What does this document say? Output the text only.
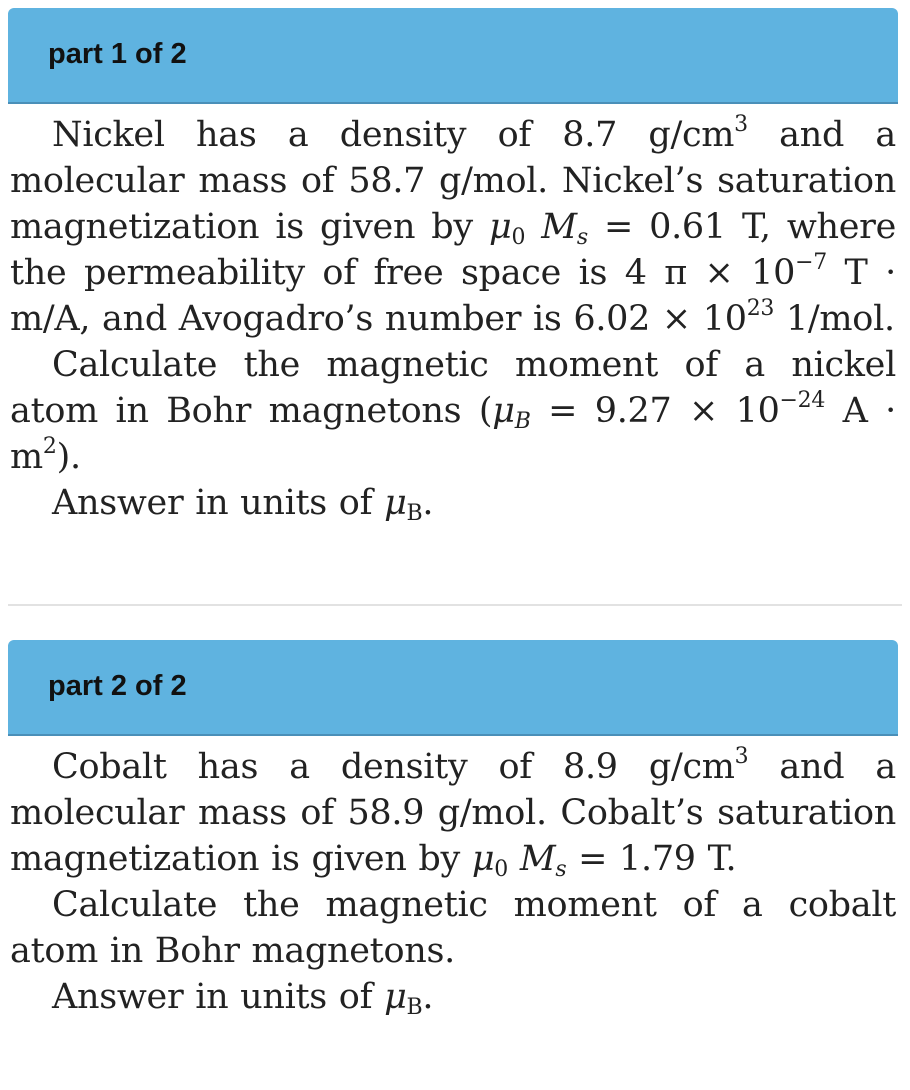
part 1 of 2

Nickel has a density of 8.7 $g/cm^3$ and a molecular mass of 58.7 g/mol. Nickel’s saturation magnetization is given by $\mu_0$ $M_s = 0.61$ T, where the permeability of free space is 4 $\pi \times 10^{-7}$ T · m/A, and Avogadro’s number is $6.02 \times 10^{23}$ 1/mol.

Calculate the magnetic moment of a nickel atom in Bohr magnetons ($\mu_B = 9.27 \times 10^{-24}$ $A \cdot m^2$).

Answer in units of $\mu_B$.

part 2 of 2

Cobalt has a density of 8.9 $g/cm^3$ and a molecular mass of 58.9 g/mol. Cobalt’s saturation magnetization is given by $\mu_0$ $M_s = 1.79$ T.

Calculate the magnetic moment of a cobalt atom in Bohr magnetons.

Answer in units of $\mu_B$.
